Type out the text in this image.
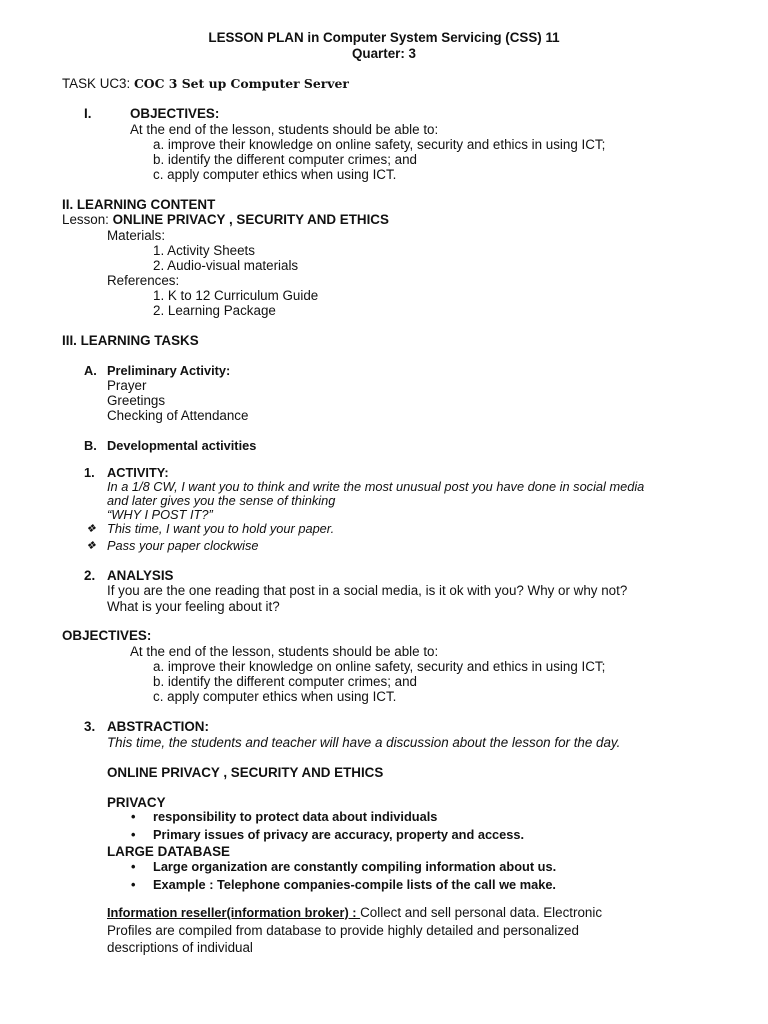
LESSON PLAN in Computer System Servicing (CSS) 11
Quarter: 3
TASK UC3: COC 3 Set up Computer Server
I.	OBJECTIVES:
At the end of the lesson, students should be able to:
a. improve their knowledge on online safety, security and ethics in using ICT;
b. identify the different computer crimes; and
c. apply computer ethics when using ICT.
II. LEARNING CONTENT
Lesson: ONLINE PRIVACY , SECURITY AND ETHICS
Materials:
1. Activity Sheets
2. Audio-visual materials
References:
1. K to 12 Curriculum Guide
2. Learning Package
III. LEARNING TASKS
A. Preliminary Activity:
Prayer
Greetings
Checking of Attendance
B. Developmental activities
1. ACTIVITY:
In a 1/8 CW, I want you to think and write the most unusual post you have done in social media
and later gives you the sense of thinking
“WHY I POST IT?”
❖ This time, I want you to hold your paper.
❖ Pass your paper clockwise
2. ANALYSIS
If you are the one reading that post in a social media, is it ok with you? Why or why not?
What is your feeling about it?
OBJECTIVES:
At the end of the lesson, students should be able to:
a. improve their knowledge on online safety, security and ethics in using ICT;
b. identify the different computer crimes; and
c. apply computer ethics when using ICT.
3. ABSTRACTION:
This time, the students and teacher will have a discussion about the lesson for the day.
ONLINE PRIVACY , SECURITY AND ETHICS
PRIVACY
• responsibility to protect data about individuals
• Primary issues of privacy are accuracy, property and access.
LARGE DATABASE
• Large organization are constantly compiling information about us.
• Example : Telephone companies-compile lists of the call we make.
Information reseller(information broker) : Collect and sell personal data. Electronic
Profiles are compiled from database to provide highly detailed and personalized
descriptions of individual
